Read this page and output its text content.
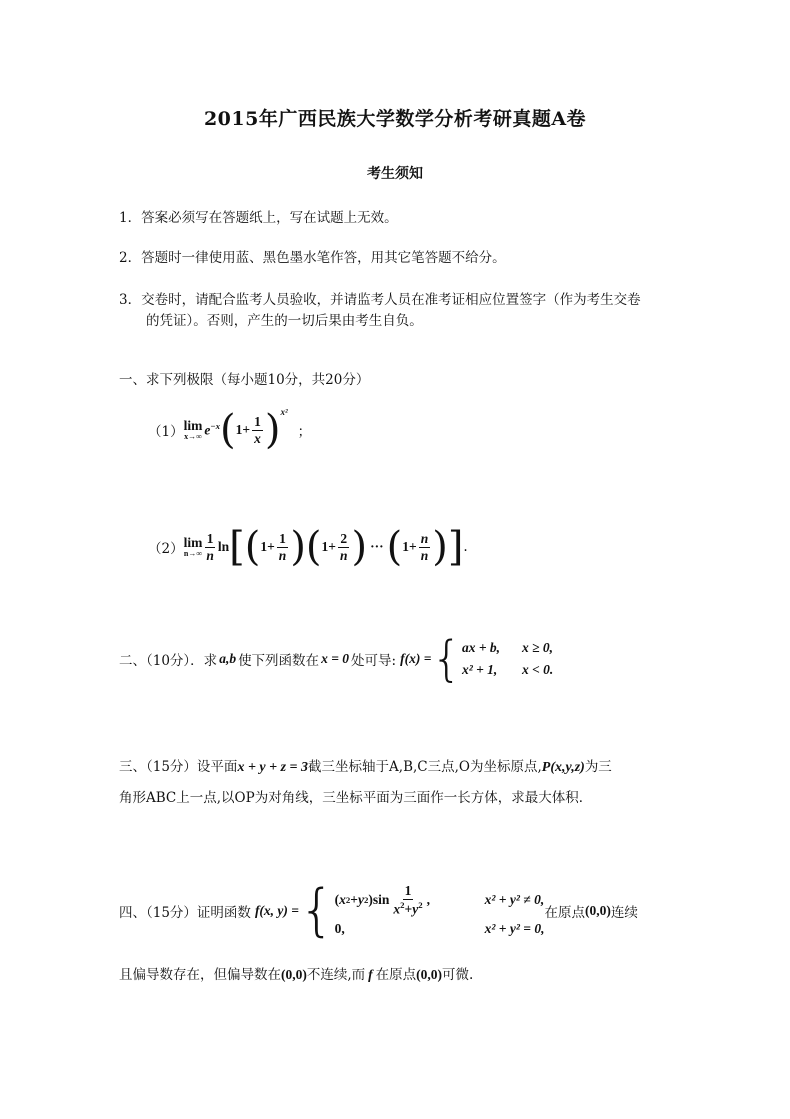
2015年广西民族大学数学分析考研真题A卷
考生须知
1．答案必须写在答题纸上，写在试题上无效。
2．答题时一律使用蓝、黑色墨水笔作答，用其它笔答题不给分。
3．交卷时，请配合监考人员验收，并请监考人员在准考证相应位置签字（作为考生交卷
的凭证）。否则，产生的一切后果由考生自负。
一、求下列极限（每小题10分，共20分）
（1） lim
x→∞ $e^{-x}$ ( $1+ \frac{1}{x}$ ) x²
；
（2） lim
$n\to\infty \frac{1}{n}$ ln [ ( $1+ \frac{1}{n}$ ) ( $1+ \frac{2}{n}$ ) ··· ( $1+ \frac{n}{n}$ ) ] .
二、（10分）．求 a,b 使下列函数在 x = 0 处可导: f(x) = { ax + b, x ≥ 0,
x² + 1, x < 0.
三、（15分）设平面x + y + z = 3截三坐标轴于A,B,C三点,O为坐标原点,P(x,y,z)为三
角形ABC上一点,以OP为对角线，三坐标平面为三面作一长方体，求最大体积．
四、（15分）证明函数 f(x, y) = { ( x 2 + y 2 )$\sin \frac{1}{x^2+y^2}$ ,	x² + y² ≠ 0,
0,	x² + y² = 0,
在原点 (0,0) 连续
且偏导数存在，但偏导数在(0,0)不连续,而 f 在原点(0,0)可微.
